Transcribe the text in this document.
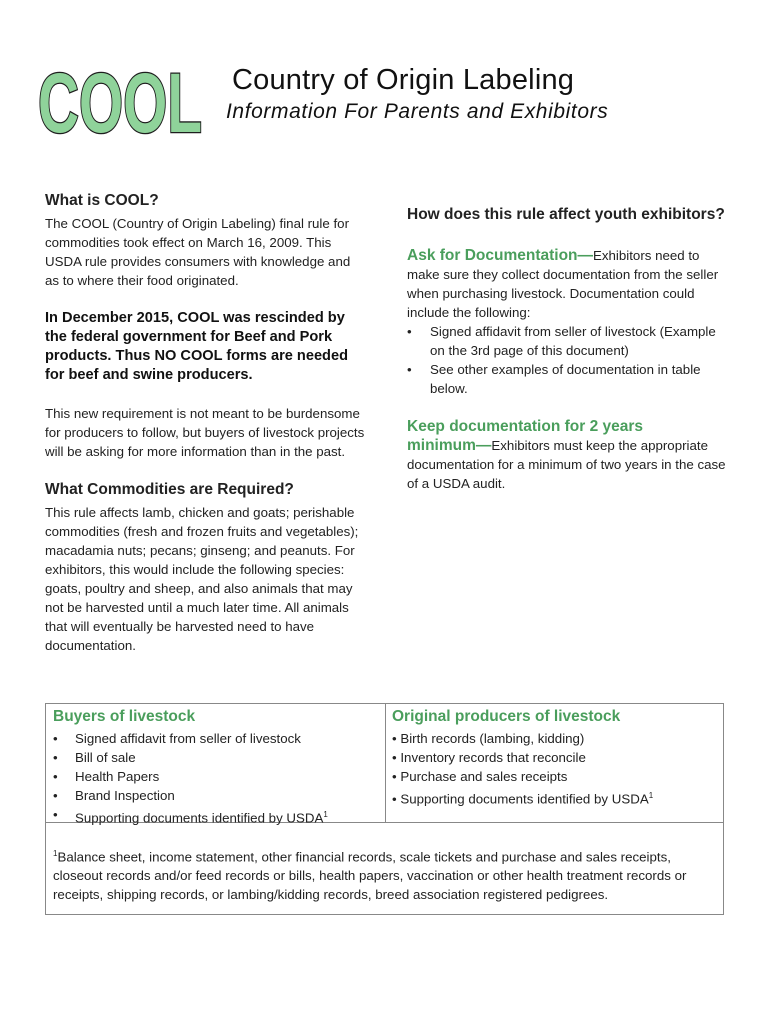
COOL Country of Origin Labeling
Information For Parents and Exhibitors
What is COOL?

The COOL (Country of Origin Labeling) final rule for commodities took effect on March 16, 2009. This USDA rule provides consumers with knowledge and as to where their food originated.

In December 2015, COOL was rescinded by the federal government for Beef and Pork products. Thus NO COOL forms are needed for beef and swine producers.

This new requirement is not meant to be burdensome for producers to follow, but buyers of livestock projects will be asking for more information than in the past.

What Commodities are Required?

This rule affects lamb, chicken and goats; perishable commodities (fresh and frozen fruits and vegetables); macadamia nuts; pecans; ginseng; and peanuts. For exhibitors, this would include the following species: goats, poultry and sheep, and also animals that may not be harvested until a much later time. All animals that will eventually be harvested need to have documentation.

How does this rule affect youth exhibitors?

Ask for Documentation—Exhibitors need to make sure they collect documentation from the seller when purchasing livestock. Documentation could include the following:

• Signed affidavit from seller of livestock (Example on the 3rd page of this document)
• See other examples of documentation in table below.

Keep documentation for 2 years
minimum—Exhibitors must keep the appropriate documentation for a minimum of two years in the case of a USDA audit.

Buyers of livestock
• Signed affidavit from seller of livestock
• Bill of sale
• Health Papers
• Brand Inspection
• Supporting documents identified by USDA$^1$
Original producers of livestock
• Birth records (lambing, kidding)
• Inventory records that reconcile
• Purchase and sales receipts
• Supporting documents identified by USDA$^1$

$^1$Balance sheet, income statement, other financial records, scale tickets and purchase and sales receipts, closeout records and/or feed records or bills, health papers, vaccination or other health treatment records or receipts, shipping records, or lambing/kidding records, breed association registered pedigrees.
